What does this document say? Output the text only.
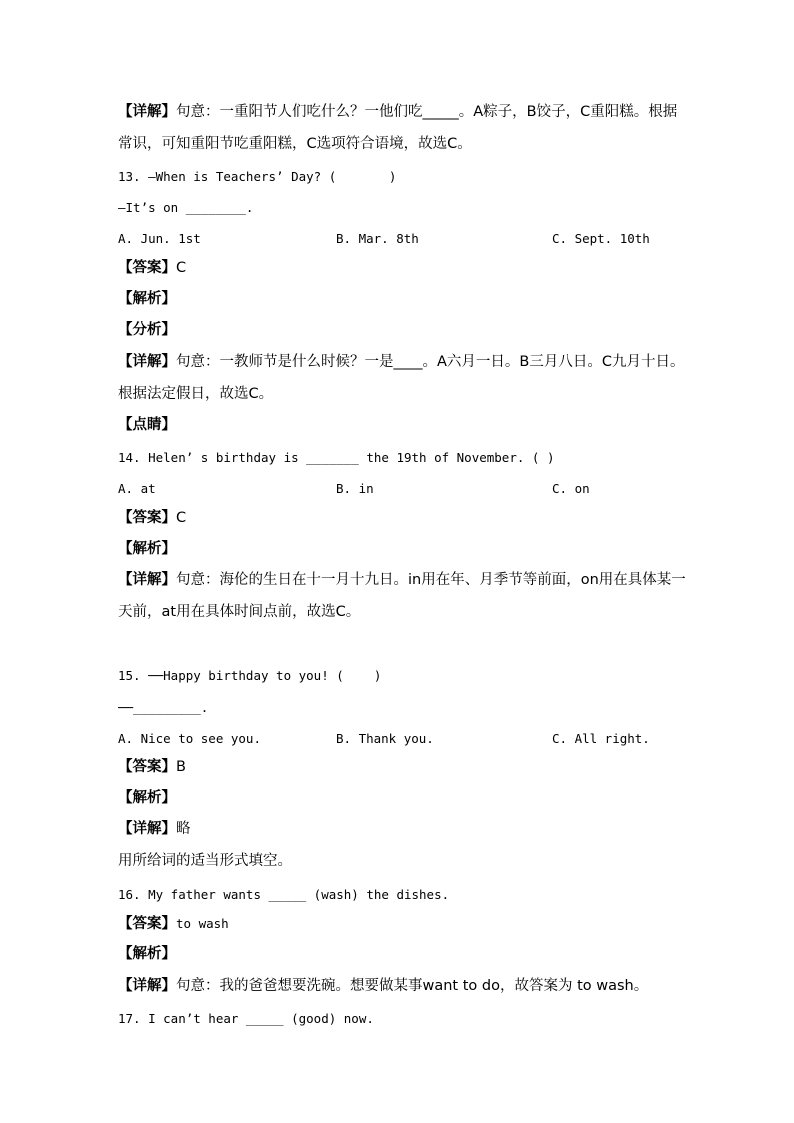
【详解】句意：一重阳节人们吃什么？一他们吃_____。A粽子，B饺子，C重阳糕。根据
常识，可知重阳节吃重阳糕，C选项符合语境，故选C。
13. —When is Teachers’ Day? (       )
—It’s on ________.
A. Jun. 1st	B. Mar. 8th	C. Sept. 10th
【答案】C
【解析】
【分析】
【详解】句意：一教师节是什么时候？一是____。A六月一日。B三月八日。C九月十日。
根据法定假日，故选C。
【点睛】
14. Helen’ s birthday is _______ the 19th of November. ( )
A. at	B. in	C. on
【答案】C
【解析】
【详解】句意：海伦的生日在十一月十九日。in用在年、月季节等前面，on用在具体某一
天前，at用在具体时间点前，故选C。
15. ──Happy birthday to you! (    )
──_________.
A. Nice to see you.	B. Thank you.	C. All right.
【答案】B
【解析】
【详解】略
用所给词的适当形式填空。
16. My father wants _____ (wash) the dishes.
【答案】to wash
【解析】
【详解】句意：我的爸爸想要洗碗。想要做某事want to do，故答案为 to wash。
17. I can’t hear _____ (good) now.
